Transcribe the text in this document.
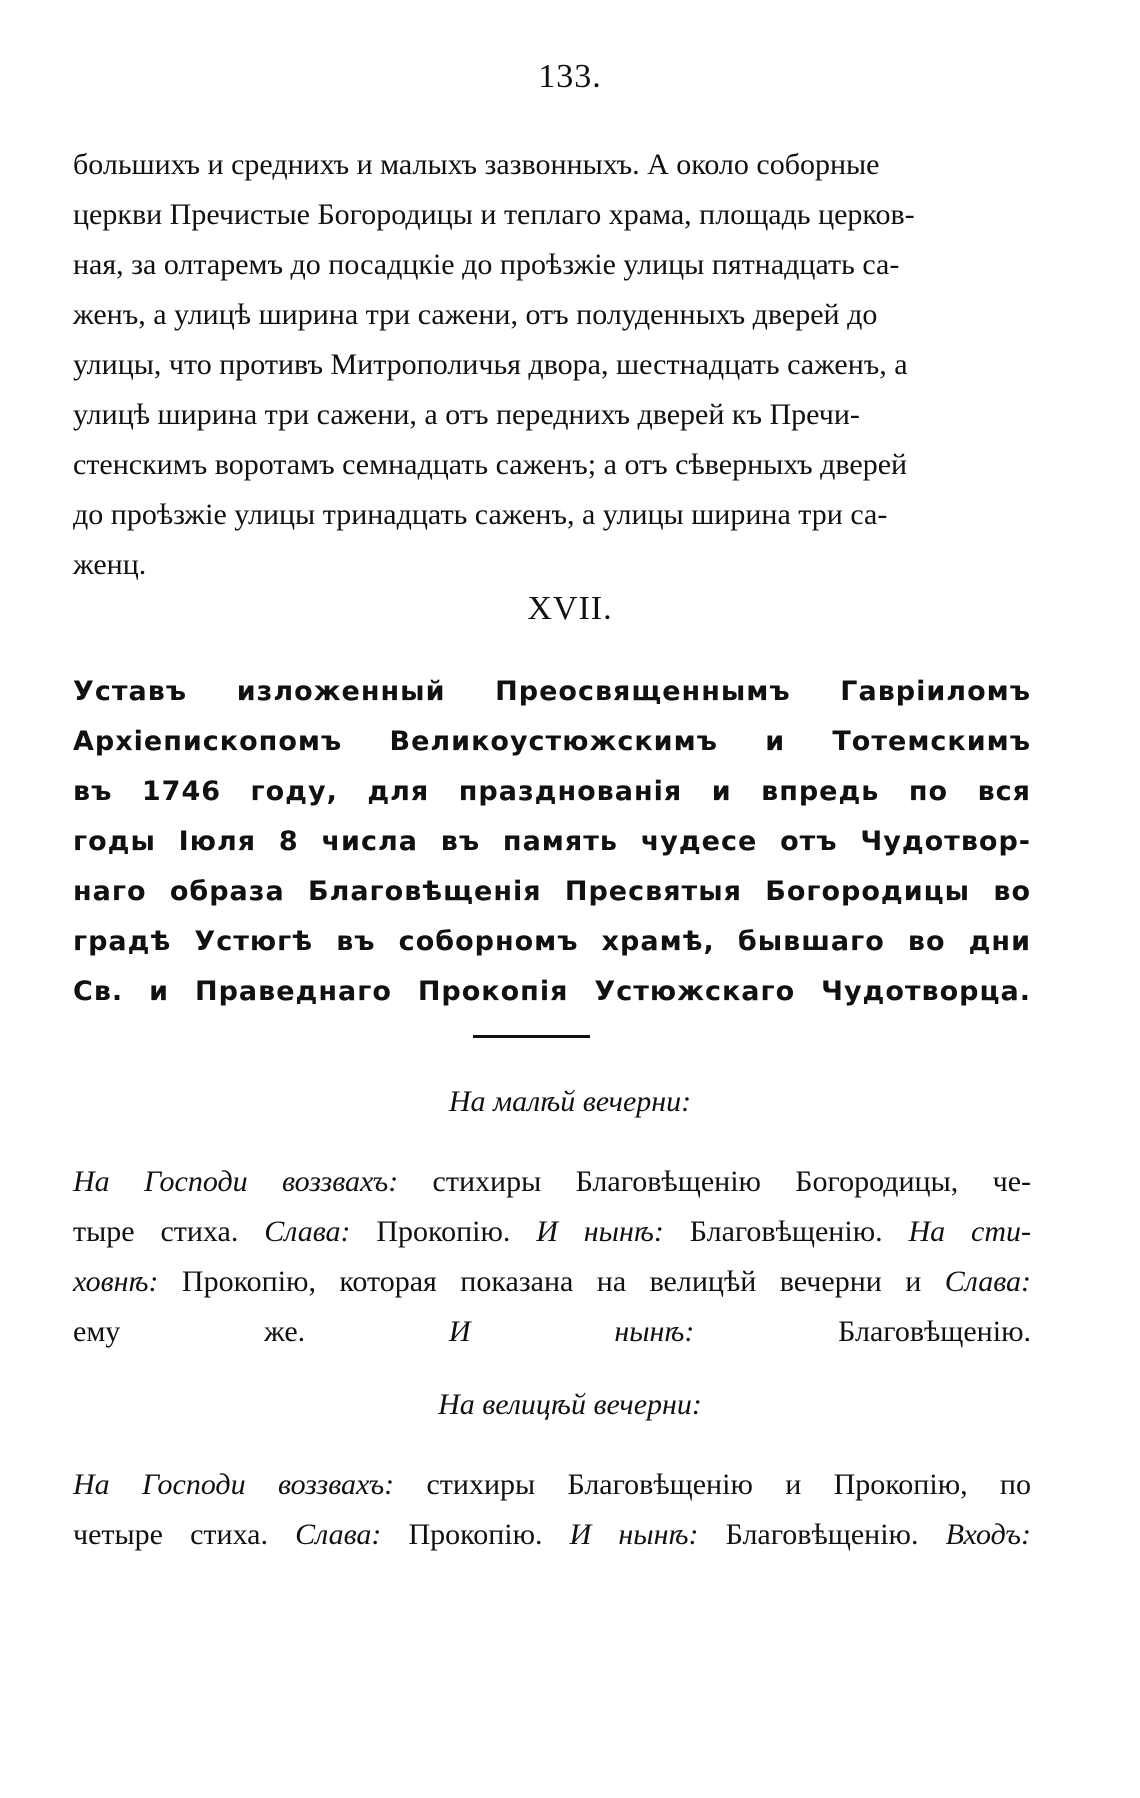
133.
большихъ и среднихъ и малыхъ зазвонныхъ. А около соборные
церкви Пречистые Богородицы и теплаго храма, площадь церков-
ная, за олтаремъ до посадцкіе до проѣзжіе улицы пятнадцать са-
женъ, а улицѣ ширина три сажени, отъ полуденныхъ дверей до
улицы, что противъ Митрополичья двора, шестнадцать саженъ, а
улицѣ ширина три сажени, а отъ переднихъ дверей къ Пречи-
стенскимъ воротамъ семнадцать саженъ; а отъ сѣверныхъ дверей
до проѣзжіе улицы тринадцать саженъ, а улицы ширина три са-
женц.
XVII.
Уставъ изложенный Преосвященнымъ Гавріиломъ
Архіепископомъ Великоустюжскимъ и Тотемскимъ
въ 1746 году, для празднованія и впредь по вся
годы Іюля 8 числа въ память чудесе отъ Чудотвор-
наго образа Благовѣщенія Пресвятыя Богородицы во
градѣ Устюгѣ въ соборномъ храмѣ, бывшаго во дни
Св. и Праведнаго Прокопія Устюжскаго Чудотворца.
На малѣй вечерни:
На Господи воззвахъ: стихиры Благовѣщенію Богородицы, че-
тыре стиха. Слава: Прокопію. И нынѣ: Благовѣщенію. На сти-
ховнѣ: Прокопію, которая показана на велицѣй вечерни и Слава:
ему же. И нынѣ: Благовѣщенію.
На велицѣй вечерни:
На Господи воззвахъ: стихиры Благовѣщенію и Прокопію, по
четыре стиха. Слава: Прокопію. И нынѣ: Благовѣщенію. Входъ:
